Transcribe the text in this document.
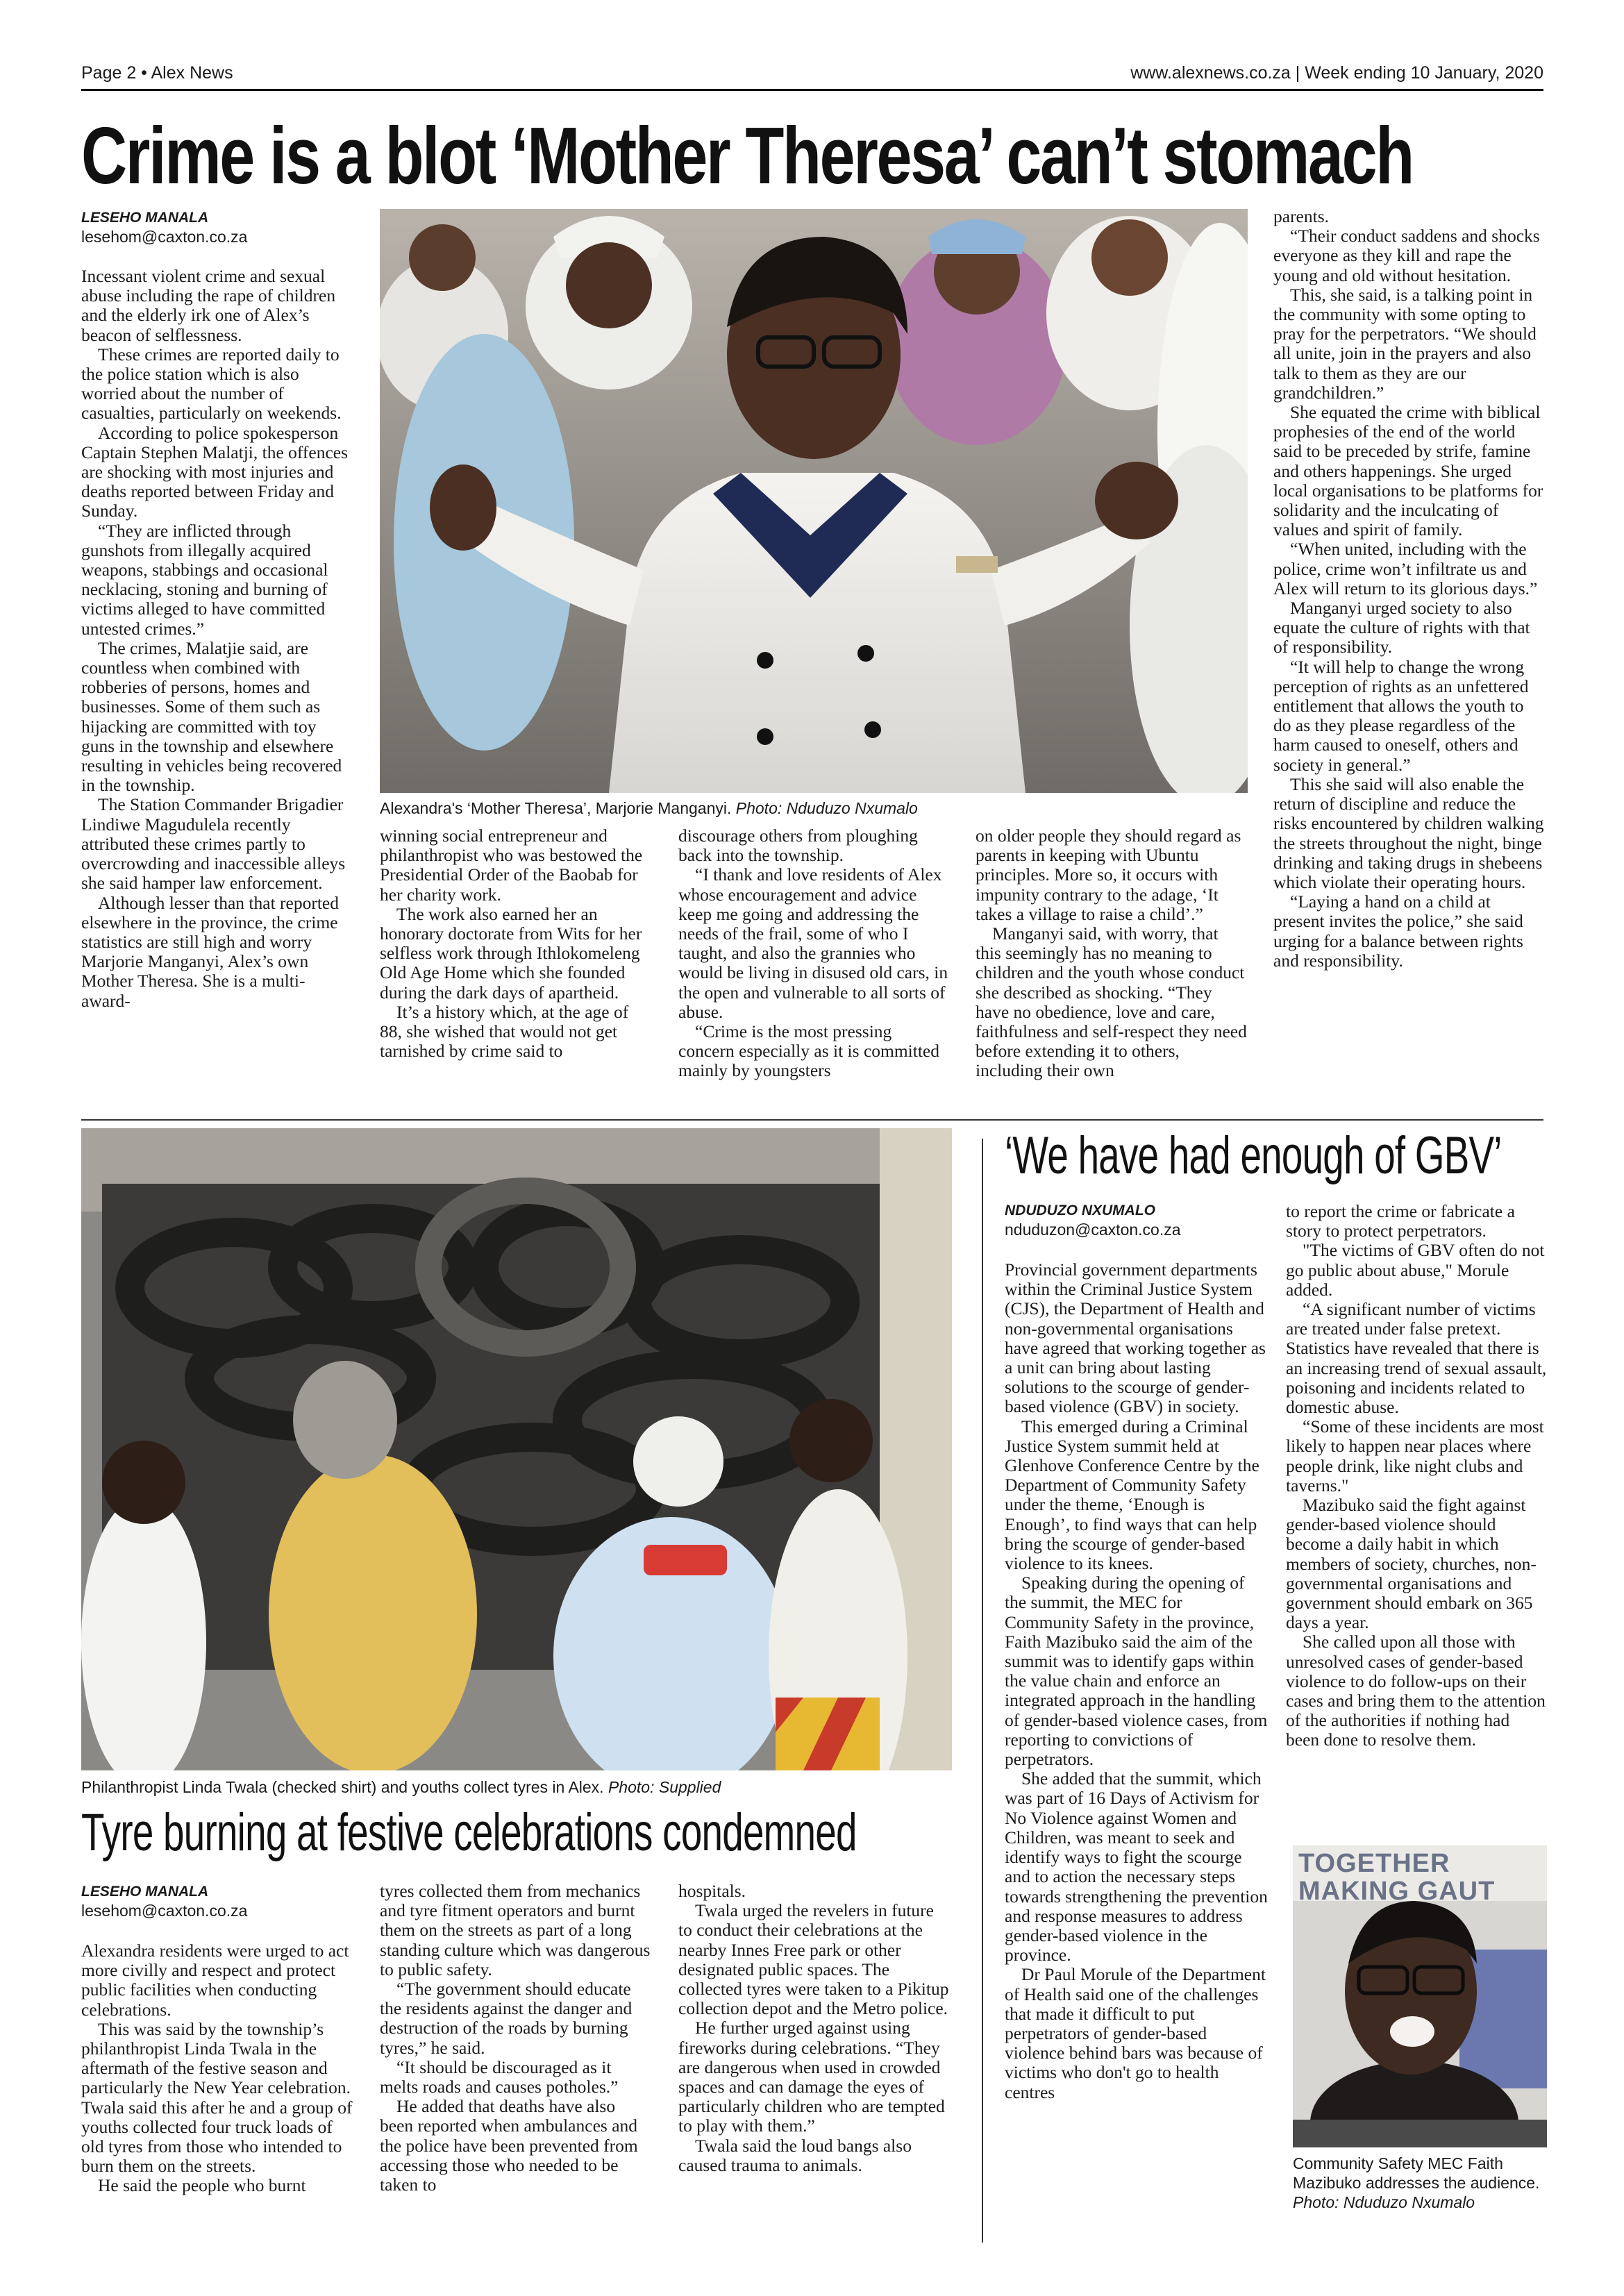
Page 2 • Alex News	www.alexnews.co.za | Week ending 10 January, 2020
Crime is a blot ‘Mother Theresa’ can’t stomach
LESEHO MANALA
lesehom@caxton.co.za

Incessant violent crime and sexual abuse including the rape of children and the elderly irk one of Alex’s beacon of selflessness.

These crimes are reported daily to the police station which is also worried about the number of casualties, particularly on weekends.

According to police spokesperson Captain Stephen Malatji, the offences are shocking with most injuries and deaths reported between Friday and Sunday.

“They are inflicted through gunshots from illegally acquired weapons, stabbings and occasional necklacing, stoning and burning of victims alleged to have committed untested crimes.”

The crimes, Malatjie said, are countless when combined with robberies of persons, homes and businesses. Some of them such as hijacking are committed with toy guns in the township and elsewhere resulting in vehicles being recovered in the township.

The Station Commander Brigadier Lindiwe Magudulela recently attributed these crimes partly to overcrowding and inaccessible alleys she said hamper law enforcement.

Although lesser than that reported elsewhere in the province, the crime statistics are still high and worry Marjorie Manganyi, Alex’s own Mother Theresa. She is a multi-award-

Alexandra's ‘Mother Theresa’, Marjorie Manganyi. Photo: Nduduzo Nxumalo

winning social entrepreneur and philanthropist who was bestowed the Presidential Order of the Baobab for her charity work.

The work also earned her an honorary doctorate from Wits for her selfless work through Ithlokomeleng Old Age Home which she founded during the dark days of apartheid.

It’s a history which, at the age of 88, she wished that would not get tarnished by crime said to

discourage others from ploughing back into the township.

“I thank and love residents of Alex whose encouragement and advice keep me going and addressing the needs of the frail, some of who I taught, and also the grannies who would be living in disused old cars, in the open and vulnerable to all sorts of abuse.

“Crime is the most pressing concern especially as it is committed mainly by youngsters

on older people they should regard as parents in keeping with Ubuntu principles. More so, it occurs with impunity contrary to the adage, ‘It takes a village to raise a child’.”

Manganyi said, with worry, that this seemingly has no meaning to children and the youth whose conduct she described as shocking. “They have no obedience, love and care, faithfulness and self-respect they need before extending it to others, including their own

parents.

“Their conduct saddens and shocks everyone as they kill and rape the young and old without hesitation.

This, she said, is a talking point in the community with some opting to pray for the perpetrators. “We should all unite, join in the prayers and also talk to them as they are our grandchildren.”

She equated the crime with biblical prophesies of the end of the world said to be preceded by strife, famine and others happenings. She urged local organisations to be platforms for solidarity and the inculcating of values and spirit of family.

“When united, including with the police, crime won’t infiltrate us and Alex will return to its glorious days.”

Manganyi urged society to also equate the culture of rights with that of responsibility.

“It will help to change the wrong perception of rights as an unfettered entitlement that allows the youth to do as they please regardless of the harm caused to oneself, others and society in general.”

This she said will also enable the return of discipline and reduce the risks encountered by children walking the streets throughout the night, binge drinking and taking drugs in shebeens which violate their operating hours.

“Laying a hand on a child at present invites the police,” she said urging for a balance between rights and responsibility.

Philanthropist Linda Twala (checked shirt) and youths collect tyres in Alex. Photo: Supplied
Tyre burning at festive celebrations condemned
LESEHO MANALA
lesehom@caxton.co.za

Alexandra residents were urged to act more civilly and respect and protect public facilities when conducting celebrations.

This was said by the township’s philanthropist Linda Twala in the aftermath of the festive season and particularly the New Year celebration. Twala said this after he and a group of youths collected four truck loads of old tyres from those who intended to burn them on the streets.

He said the people who burnt

tyres collected them from mechanics and tyre fitment operators and burnt them on the streets as part of a long standing culture which was dangerous to public safety.

“The government should educate the residents against the danger and destruction of the roads by burning tyres,” he said.

“It should be discouraged as it melts roads and causes potholes.”

He added that deaths have also been reported when ambulances and the police have been prevented from accessing those who needed to be taken to

hospitals.

Twala urged the revelers in future to conduct their celebrations at the nearby Innes Free park or other designated public spaces. The collected tyres were taken to a Pikitup collection depot and the Metro police.

He further urged against using fireworks during celebrations. “They are dangerous when used in crowded spaces and can damage the eyes of particularly children who are tempted to play with them.”

Twala said the loud bangs also caused trauma to animals.

‘We have had enough of GBV’
NDUDUZO NXUMALO
nduduzon@caxton.co.za

Provincial government departments within the Criminal Justice System (CJS), the Department of Health and non-governmental organisations have agreed that working together as a unit can bring about lasting solutions to the scourge of gender-based violence (GBV) in society.

This emerged during a Criminal Justice System summit held at Glenhove Conference Centre by the Department of Community Safety under the theme, ‘Enough is Enough’, to find ways that can help bring the scourge of gender-based violence to its knees.

Speaking during the opening of the summit, the MEC for Community Safety in the province, Faith Mazibuko said the aim of the summit was to identify gaps within the value chain and enforce an integrated approach in the handling of gender-based violence cases, from reporting to convictions of perpetrators.

She added that the summit, which was part of 16 Days of Activism for No Violence against Women and Children, was meant to seek and identify ways to fight the scourge and to action the necessary steps towards strengthening the prevention and response measures to address gender-based violence in the province.

Dr Paul Morule of the Department of Health said one of the challenges that made it difficult to put perpetrators of gender-based violence behind bars was because of victims who don't go to health centres

to report the crime or fabricate a story to protect perpetrators.

"The victims of GBV often do not go public about abuse," Morule added.

“A significant number of victims are treated under false pretext. Statistics have revealed that there is an increasing trend of sexual assault, poisoning and incidents related to domestic abuse.

“Some of these incidents are most likely to happen near places where people drink, like night clubs and taverns."

Mazibuko said the fight against gender-based violence should become a daily habit in which members of society, churches, non-governmental organisations and government should embark on 365 days a year.

She called upon all those with unresolved cases of gender-based violence to do follow-ups on their cases and bring them to the attention of the authorities if nothing had been done to resolve them.

TOGETHER MAKING GAUT
Community Safety MEC Faith Mazibuko addresses the audience.
Photo: Nduduzo Nxumalo
